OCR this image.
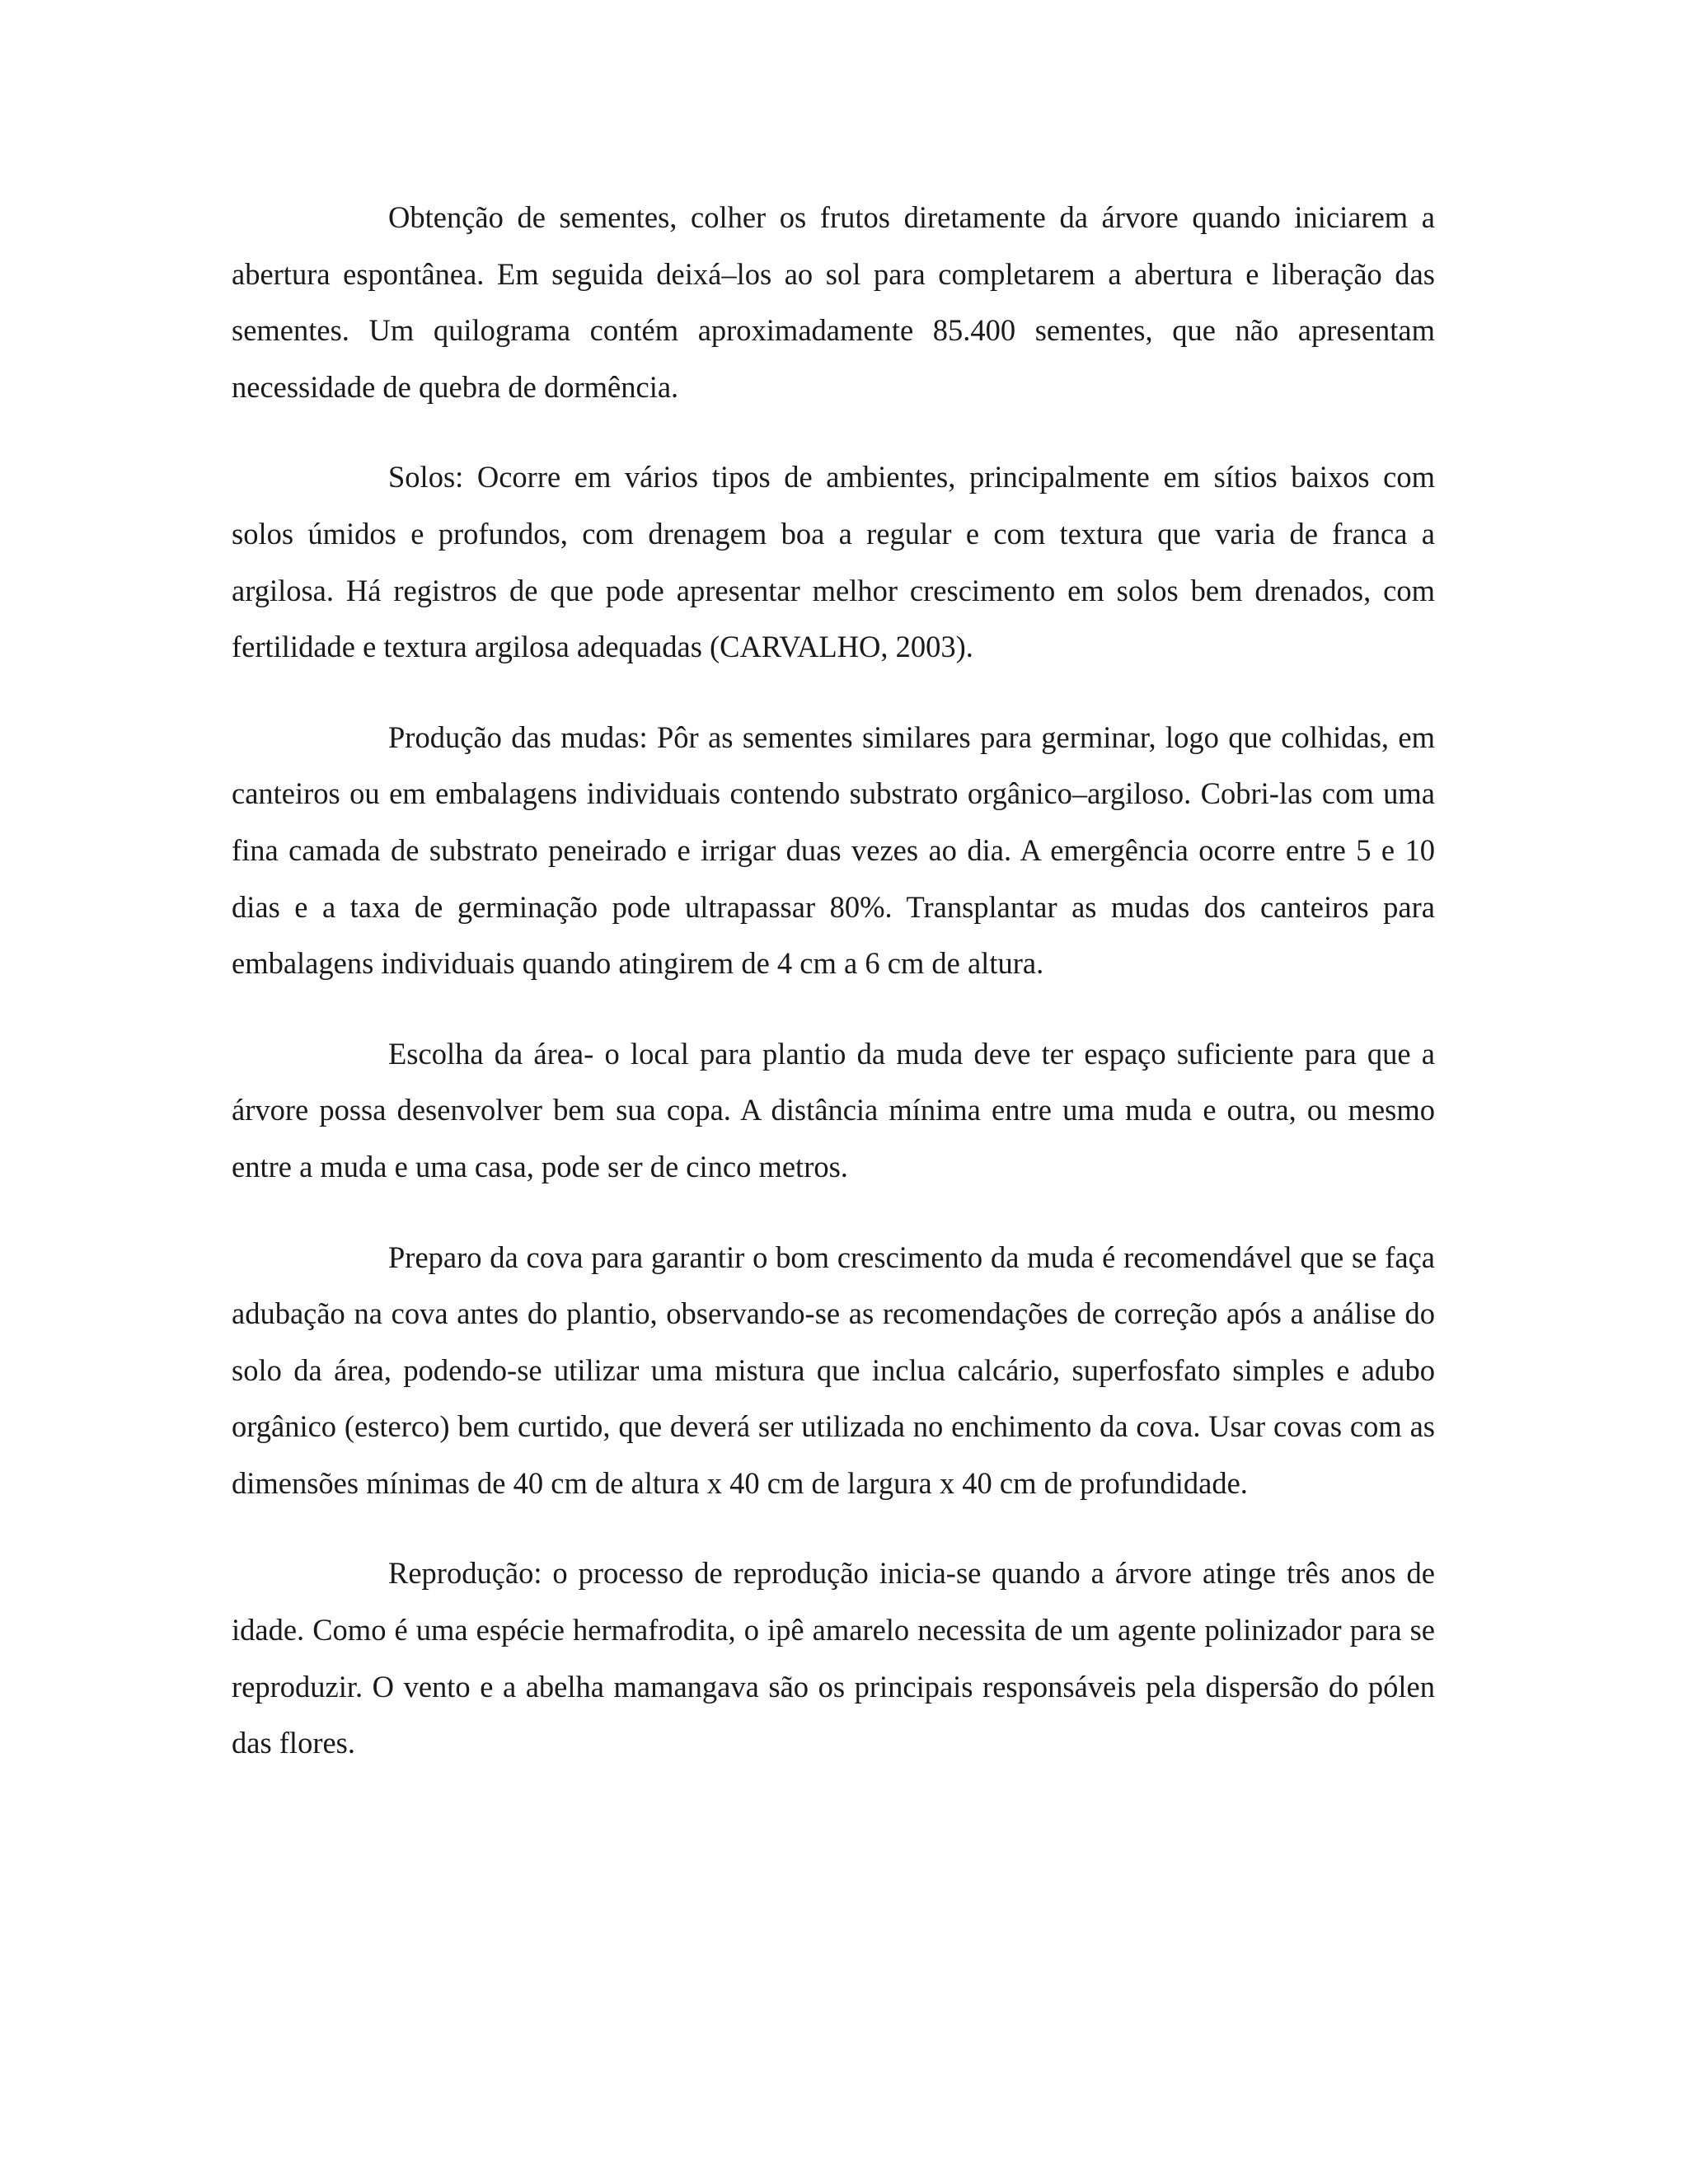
Obtenção de sementes, colher os frutos diretamente da árvore quando iniciarem a abertura espontânea. Em seguida deixá–los ao sol para completarem a abertura e liberação das sementes. Um quilograma contém aproximadamente 85.400 sementes, que não apresentam necessidade de quebra de dormência.

Solos: Ocorre em vários tipos de ambientes, principalmente em sítios baixos com solos úmidos e profundos, com drenagem boa a regular e com textura que varia de franca a argilosa. Há registros de que pode apresentar melhor crescimento em solos bem drenados, com fertilidade e textura argilosa adequadas (CARVALHO, 2003).

Produção das mudas: Pôr as sementes similares para germinar, logo que colhidas, em canteiros ou em embalagens individuais contendo substrato orgânico–argiloso. Cobri-las com uma fina camada de substrato peneirado e irrigar duas vezes ao dia. A emergência ocorre entre 5 e 10 dias e a taxa de germinação pode ultrapassar 80%. Transplantar as mudas dos canteiros para embalagens individuais quando atingirem de 4 cm a 6 cm de altura.

Escolha da área- o local para plantio da muda deve ter espaço suficiente para que a árvore possa desenvolver bem sua copa. A distância mínima entre uma muda e outra, ou mesmo entre a muda e uma casa, pode ser de cinco metros.

Preparo da cova para garantir o bom crescimento da muda é recomendável que se faça adubação na cova antes do plantio, observando-se as recomendações de correção após a análise do solo da área, podendo-se utilizar uma mistura que inclua calcário, superfosfato simples e adubo orgânico (esterco) bem curtido, que deverá ser utilizada no enchimento da cova. Usar covas com as dimensões mínimas de 40 cm de altura x 40 cm de largura x 40 cm de profundidade.

Reprodução: o processo de reprodução inicia-se quando a árvore atinge três anos de idade. Como é uma espécie hermafrodita, o ipê amarelo necessita de um agente polinizador para se reproduzir. O vento e a abelha mamangava são os principais responsáveis pela dispersão do pólen das flores.
